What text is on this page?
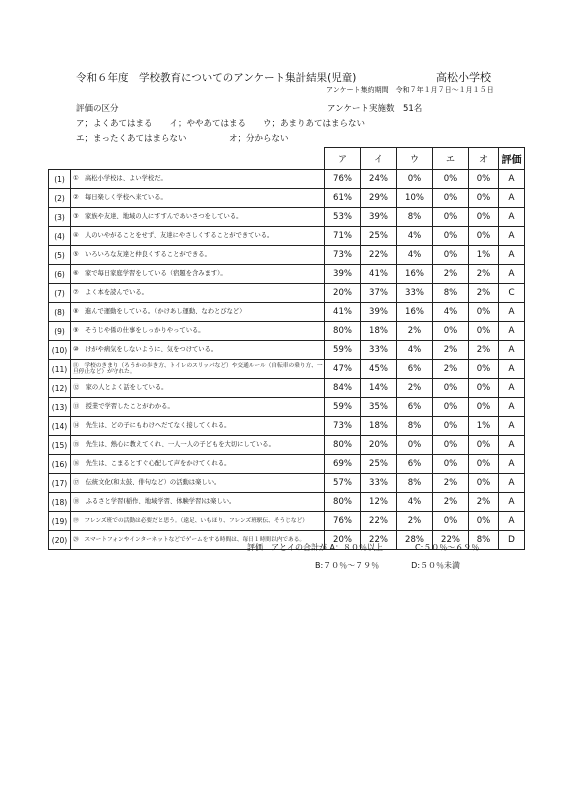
令和６年度　学校教育についてのアンケート集計結果(児童)	高松小学校
アンケート集約期間　令和７年１月７日～１月１５日
アンケート実施数　51名
評価の区分
ア；よくあてはまる　　イ；ややあてはまる　　ウ；あまりあてはまらない
エ；まったくあてはまらない　　　　　オ；分からない
		ア	イ	ウ	エ	オ	評価
(1)	①　高松小学校は、よい学校だ。	76%	24%	0%	0%	0%	A
(2)	②　毎日楽しく学校へ来ている。	61%	29%	10%	0%	0%	A
(3)	③　家族や友達、地域の人にすすんであいさつをしている。	53%	39%	8%	0%	0%	A
(4)	④　人のいやがることをせず、友達にやさしくすることができている。	71%	25%	4%	0%	0%	A
(5)	⑤　いろいろな友達と仲良くすることができる。	73%	22%	4%	0%	1%	A
(6)	⑥　家で毎日家庭学習をしている（宿題を含みます）。	39%	41%	16%	2%	2%	A
(7)	⑦　よく本を読んでいる。	20%	37%	33%	8%	2%	C
(8)	⑧　進んで運動をしている。（かけあし運動、なわとびなど）	41%	39%	16%	4%	0%	A
(9)	⑨　そうじや係の仕事をしっかりやっている。	80%	18%	2%	0%	0%	A
(10)	⑩　けがや病気をしないように、気をつけている。	59%	33%	4%	2%	2%	A
(11)	⑪　学校のきまり（ろうかの歩き方、トイレのスリッパなど）や交通ルール（自転車の乗り方、一旦停止など）が守れた。	47%	45%	6%	2%	0%	A
(12)	⑫　家の人とよく話をしている。	84%	14%	2%	0%	0%	A
(13)	⑬　授業で学習したことがわかる。	59%	35%	6%	0%	0%	A
(14)	⑭　先生は、どの子にもわけへだてなく接してくれる。	73%	18%	8%	0%	1%	A
(15)	⑮　先生は、熱心に教えてくれ、一人一人の子どもを大切にしている。	80%	20%	0%	0%	0%	A
(16)	⑯　先生は、こまるとすぐ心配して声をかけてくれる。	69%	25%	6%	0%	0%	A
(17)	⑰　伝統文化(和太鼓、俳句など）の活動は楽しい。	57%	33%	8%	2%	0%	A
(18)	⑱　ふるさと学習(稲作、地域学習、体験学習)は楽しい。	80%	12%	4%	2%	2%	A
(19)	⑲　フレンズ班での活動は必要だと思う。（遠足、いもほり、フレンズ班駅伝、そうじなど）	76%	22%	2%	0%	0%	A
(20)	⑳　スマートフォンやインターネットなどでゲームをする時間は、毎日１時間以内である。	20%	22%	28%	22%	8%	D
評価　アとイの合計が A：８０％以上　　　　C:５０％～６９％
B:７０％～７９％　　　　D:５０％未満
